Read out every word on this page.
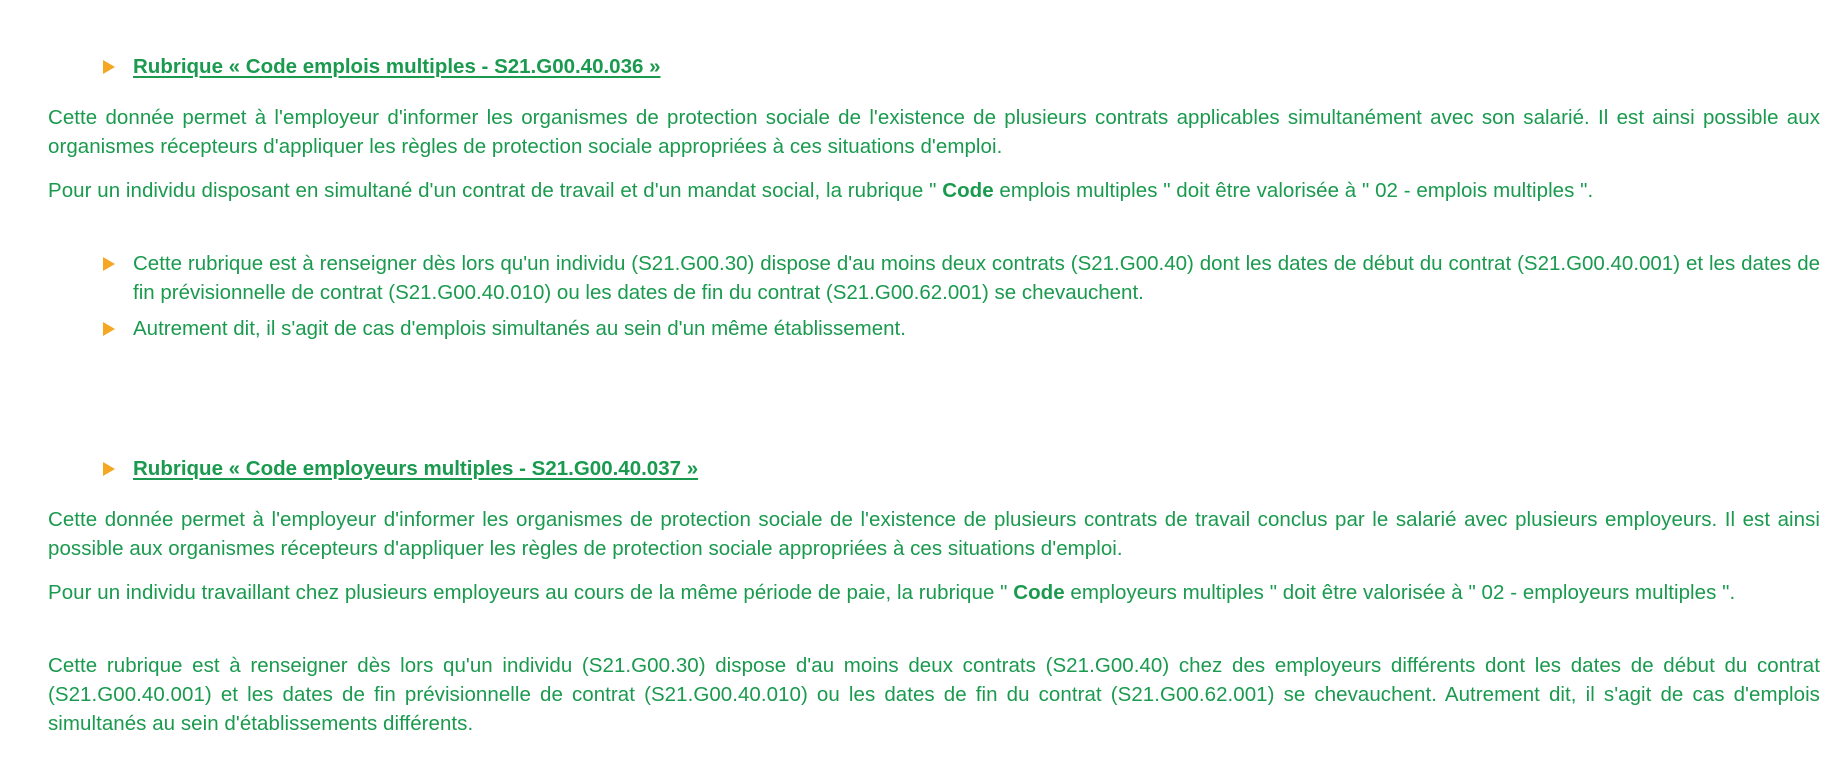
Rubrique « Code emplois multiples - S21.G00.40.036 »

Cette donnée permet à l'employeur d'informer les organismes de protection sociale de l'existence de plusieurs contrats applicables simultanément avec son salarié. Il est ainsi possible aux organismes récepteurs d'appliquer les règles de protection sociale appropriées à ces situations d'emploi.

Pour un individu disposant en simultané d'un contrat de travail et d'un mandat social, la rubrique " Code emplois multiples " doit être valorisée à " 02 - emplois multiples ".

Cette rubrique est à renseigner dès lors qu'un individu (S21.G00.30) dispose d'au moins deux contrats (S21.G00.40) dont les dates de début du contrat (S21.G00.40.001) et les dates de fin prévisionnelle de contrat (S21.G00.40.010) ou les dates de fin du contrat (S21.G00.62.001) se chevauchent.

Autrement dit, il s'agit de cas d'emplois simultanés au sein d'un même établissement.

Rubrique « Code employeurs multiples - S21.G00.40.037 »

Cette donnée permet à l'employeur d'informer les organismes de protection sociale de l'existence de plusieurs contrats de travail conclus par le salarié avec plusieurs employeurs. Il est ainsi possible aux organismes récepteurs d'appliquer les règles de protection sociale appropriées à ces situations d'emploi.

Pour un individu travaillant chez plusieurs employeurs au cours de la même période de paie, la rubrique " Code employeurs multiples " doit être valorisée à " 02 - employeurs multiples ".

Cette rubrique est à renseigner dès lors qu'un individu (S21.G00.30) dispose d'au moins deux contrats (S21.G00.40) chez des employeurs différents dont les dates de début du contrat (S21.G00.40.001) et les dates de fin prévisionnelle de contrat (S21.G00.40.010) ou les dates de fin du contrat (S21.G00.62.001) se chevauchent. Autrement dit, il s'agit de cas d'emplois simultanés au sein d'établissements différents.
